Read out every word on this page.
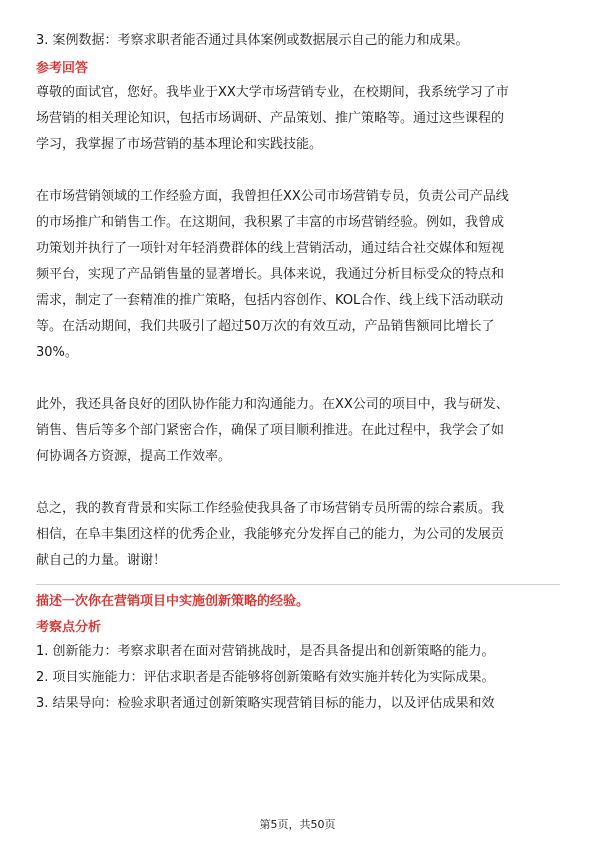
3. 案例数据：考察求职者能否通过具体案例或数据展示自己的能力和成果。
参考回答
尊敬的面试官，您好。我毕业于XX大学市场营销专业，在校期间，我系统学习了市
场营销的相关理论知识，包括市场调研、产品策划、推广策略等。通过这些课程的
学习，我掌握了市场营销的基本理论和实践技能。
在市场营销领域的工作经验方面，我曾担任XX公司市场营销专员，负责公司产品线
的市场推广和销售工作。在这期间，我积累了丰富的市场营销经验。例如，我曾成
功策划并执行了一项针对年轻消费群体的线上营销活动，通过结合社交媒体和短视
频平台，实现了产品销售量的显著增长。具体来说，我通过分析目标受众的特点和
需求，制定了一套精准的推广策略，包括内容创作、KOL合作、线上线下活动联动
等。在活动期间，我们共吸引了超过50万次的有效互动，产品销售额同比增长了
30%。
此外，我还具备良好的团队协作能力和沟通能力。在XX公司的项目中，我与研发、
销售、售后等多个部门紧密合作，确保了项目顺利推进。在此过程中，我学会了如
何协调各方资源，提高工作效率。
总之，我的教育背景和实际工作经验使我具备了市场营销专员所需的综合素质。我
相信，在阜丰集团这样的优秀企业，我能够充分发挥自己的能力，为公司的发展贡
献自己的力量。谢谢！
描述一次你在营销项目中实施创新策略的经验。
考察点分析
1. 创新能力：考察求职者在面对营销挑战时，是否具备提出和创新策略的能力。
2. 项目实施能力：评估求职者是否能够将创新策略有效实施并转化为实际成果。
3. 结果导向：检验求职者通过创新策略实现营销目标的能力，以及评估成果和效
第5页，共50页
